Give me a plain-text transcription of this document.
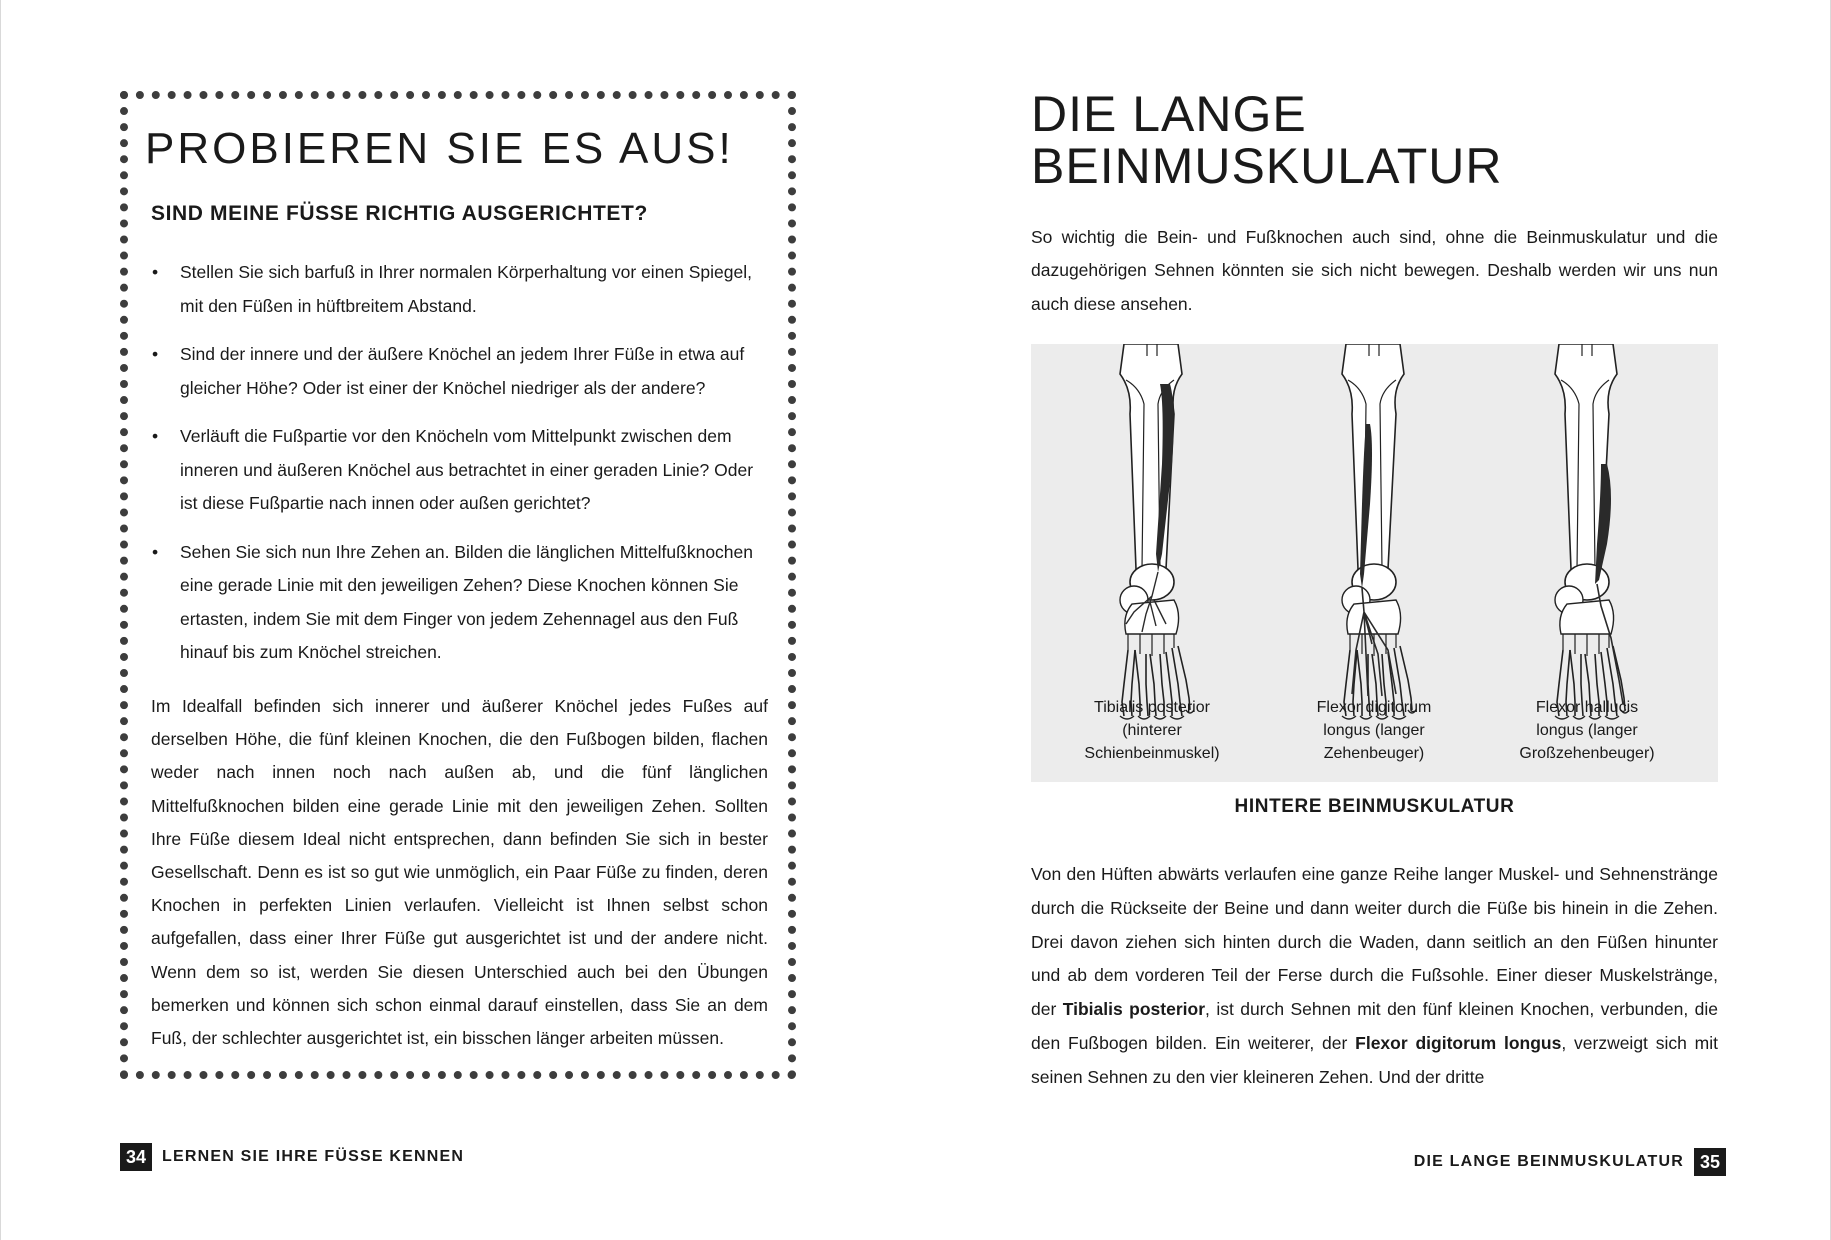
PROBIEREN SIE ES AUS!
SIND MEINE FÜSSE RICHTIG AUSGERICHTET?
• Stellen Sie sich barfuß in Ihrer normalen Körperhaltung vor einen Spiegel, mit den Füßen in hüftbreitem Abstand.
• Sind der innere und der äußere Knöchel an jedem Ihrer Füße in etwa auf gleicher Höhe? Oder ist einer der Knöchel niedriger als der andere?
• Verläuft die Fußpartie vor den Knöcheln vom Mittelpunkt zwischen dem inneren und äußeren Knöchel aus betrachtet in einer geraden Linie? Oder ist diese Fußpartie nach innen oder außen gerichtet?
• Sehen Sie sich nun Ihre Zehen an. Bilden die länglichen Mittelfußknochen eine gerade Linie mit den jeweiligen Zehen? Diese Knochen können Sie ertasten, indem Sie mit dem Finger von jedem Zehennagel aus den Fuß hinauf bis zum Knöchel streichen.

Im Idealfall befinden sich innerer und äußerer Knöchel jedes Fußes auf derselben Höhe, die fünf kleinen Knochen, die den Fußbogen bilden, flachen weder nach innen noch nach außen ab, und die fünf länglichen Mittelfußknochen bilden eine gerade Linie mit den jeweiligen Zehen. Sollten Ihre Füße diesem Ideal nicht entsprechen, dann befinden Sie sich in bester Gesellschaft. Denn es ist so gut wie unmöglich, ein Paar Füße zu finden, deren Knochen in perfekten Linien verlaufen. Vielleicht ist Ihnen selbst schon aufgefallen, dass einer Ihrer Füße gut ausgerichtet ist und der andere nicht. Wenn dem so ist, werden Sie diesen Unterschied auch bei den Übungen bemerken und können sich schon einmal darauf einstellen, dass Sie an dem Fuß, der schlechter ausgerichtet ist, ein bisschen länger arbeiten müssen.

34	LERNEN SIE IHRE FÜSSE KENNEN
DIE LANGE
BEINMUSKULATUR

So wichtig die Bein- und Fußknochen auch sind, ohne die Beinmuskulatur und die dazugehörigen Sehnen könnten sie sich nicht bewegen. Deshalb werden wir uns nun auch diese ansehen.

Tibialis posterior
(hinterer
Schienbeinmuskel)
Flexor digitorum
longus (langer
Zehenbeuger)
Flexor hallucis
longus (langer
Großzehenbeuger)

HINTERE BEINMUSKULATUR

Von den Hüften abwärts verlaufen eine ganze Reihe langer Muskel- und Sehnenstränge durch die Rückseite der Beine und dann weiter durch die Füße bis hinein in die Zehen. Drei davon ziehen sich hinten durch die Waden, dann seitlich an den Füßen hinunter und ab dem vorderen Teil der Ferse durch die Fußsohle. Einer dieser Muskelstränge, der Tibialis posterior, ist durch Sehnen mit den fünf kleinen Knochen, verbunden, die den Fußbogen bilden. Ein weiterer, der Flexor digitorum longus, verzweigt sich mit seinen Sehnen zu den vier kleineren Zehen. Und der dritte

DIE LANGE BEINMUSKULATUR 35
